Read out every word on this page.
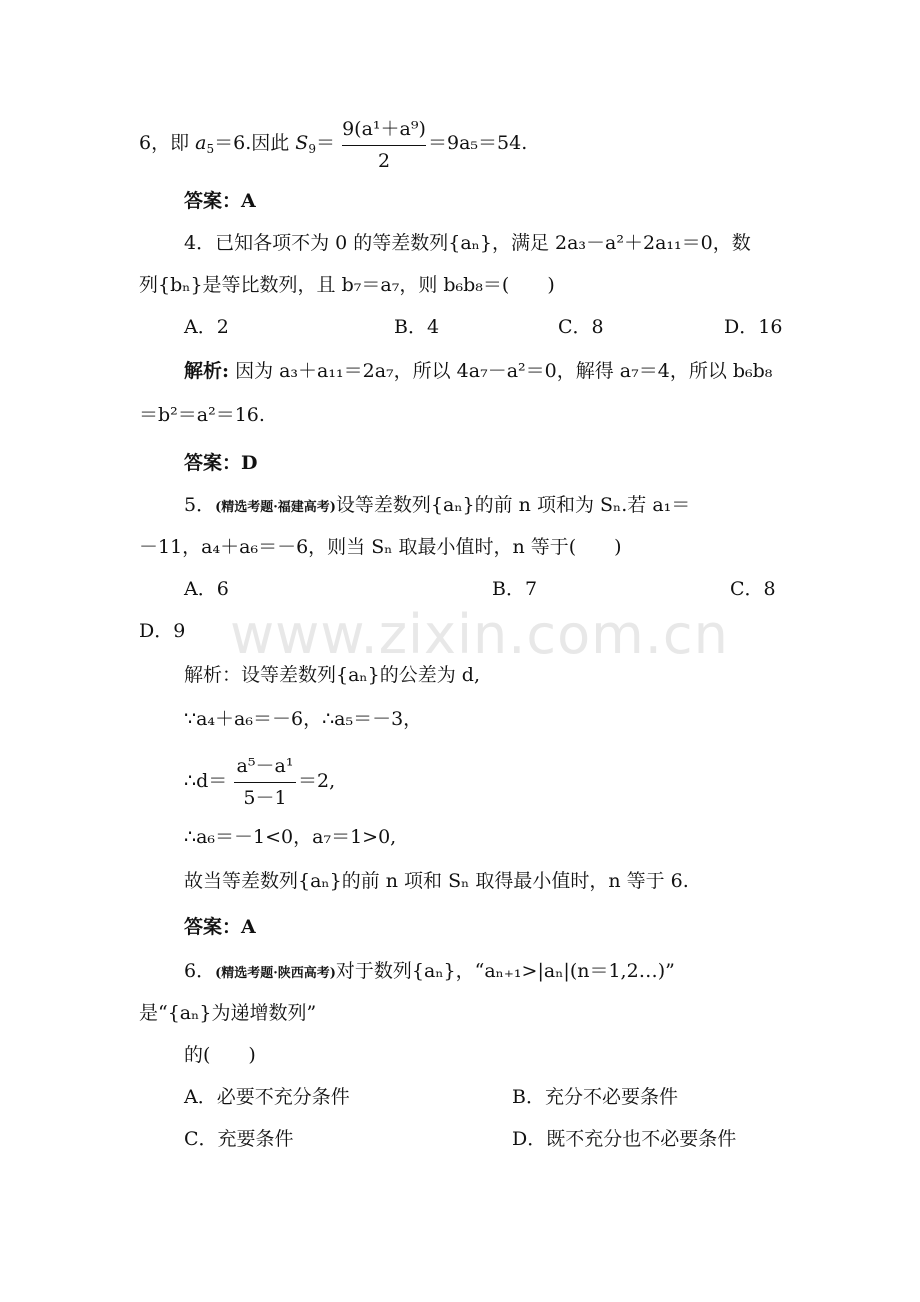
www.zixin.com.cn
6，即 $a_5=6$.因此 $S_9=$
9(a¹＋a⁹)
2
＝9a₅＝54.
答案：A
4．已知各项不为 0 的等差数列{aₙ}，满足 2a₃－a²＋2a₁₁＝0，数
列{bₙ}是等比数列，且 b₇＝a₇，则 b₆b₈＝(　　)
A．2	B．4	C．8	D．16
解析: 因为 a₃＋a₁₁＝2a₇，所以 4a₇－a²＝0，解得 a₇＝4，所以 b₆b₈
＝b²＝a²＝16.
答案：D
5．(精选考题·福建高考)设等差数列{aₙ}的前 n 项和为 Sₙ.若 a₁＝
－11，a₄＋a₆＝－6，则当 Sₙ 取最小值时，n 等于(　　)
A．6	B．7	C．8
D．9
解析：设等差数列{aₙ}的公差为 d,
∵a₄＋a₆＝－6，∴a₅＝－3，
∴d＝
a⁵－a¹
5－1
＝2,
∴a₆＝－1<0，a₇＝1>0,
故当等差数列{aₙ}的前 n 项和 Sₙ 取得最小值时，n 等于 6.
答案：A
6．(精选考题·陕西高考)对于数列{aₙ}，“aₙ₊₁>|aₙ|(n＝1,2…)”
是“{aₙ}为递增数列”
的(　　)
A．必要不充分条件	B．充分不必要条件
C．充要条件	D．既不充分也不必要条件
